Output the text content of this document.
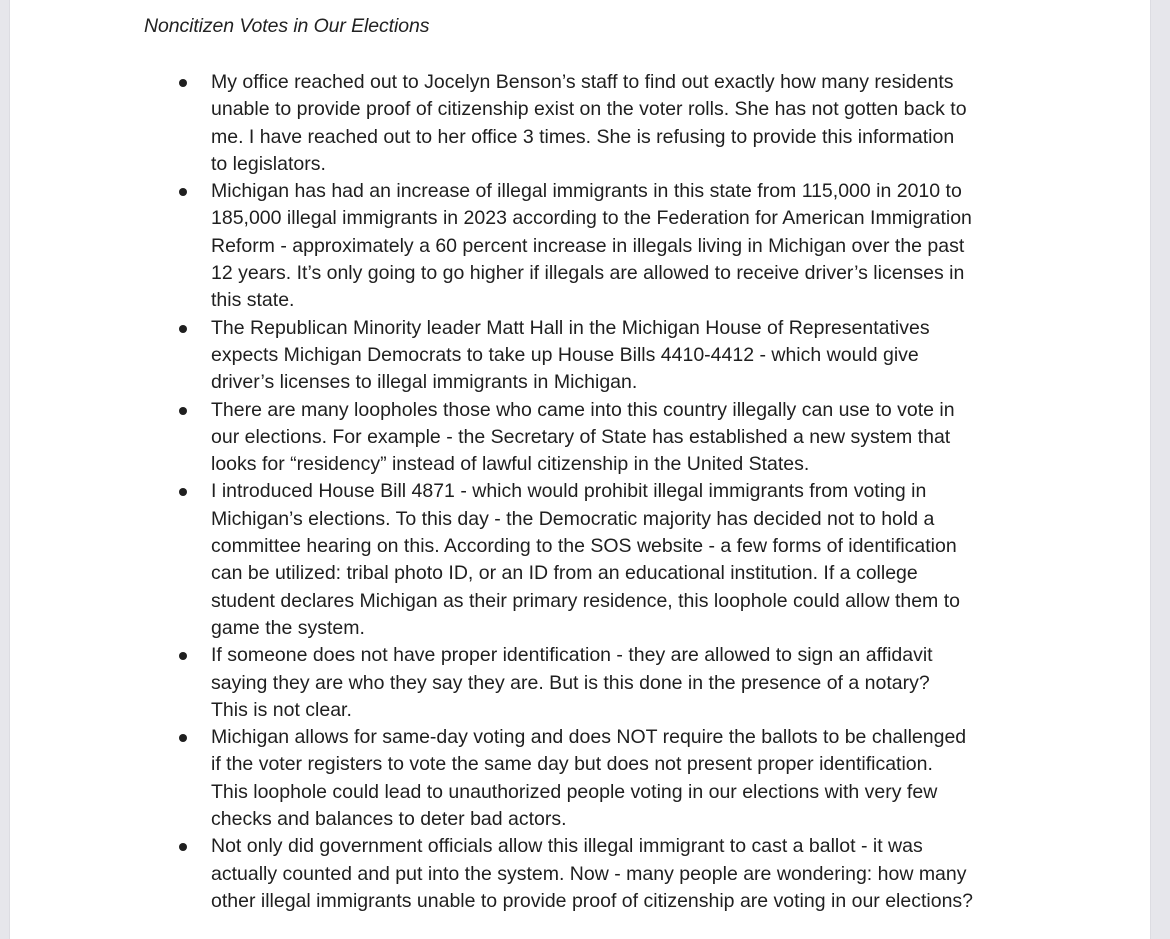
Noncitizen Votes in Our Elections
My office reached out to Jocelyn Benson’s staff to find out exactly how many residents
unable to provide proof of citizenship exist on the voter rolls. She has not gotten back to
me. I have reached out to her office 3 times. She is refusing to provide this information
to legislators.
Michigan has had an increase of illegal immigrants in this state from 115,000 in 2010 to
185,000 illegal immigrants in 2023 according to the Federation for American Immigration
Reform - approximately a 60 percent increase in illegals living in Michigan over the past
12 years. It’s only going to go higher if illegals are allowed to receive driver’s licenses in
this state.
The Republican Minority leader Matt Hall in the Michigan House of Representatives
expects Michigan Democrats to take up House Bills 4410-4412 - which would give
driver’s licenses to illegal immigrants in Michigan.
There are many loopholes those who came into this country illegally can use to vote in
our elections. For example - the Secretary of State has established a new system that
looks for “residency” instead of lawful citizenship in the United States.
I introduced House Bill 4871 - which would prohibit illegal immigrants from voting in
Michigan’s elections. To this day - the Democratic majority has decided not to hold a
committee hearing on this. According to the SOS website - a few forms of identification
can be utilized: tribal photo ID, or an ID from an educational institution. If a college
student declares Michigan as their primary residence, this loophole could allow them to
game the system.
If someone does not have proper identification - they are allowed to sign an affidavit
saying they are who they say they are. But is this done in the presence of a notary?
This is not clear.
Michigan allows for same-day voting and does NOT require the ballots to be challenged
if the voter registers to vote the same day but does not present proper identification.
This loophole could lead to unauthorized people voting in our elections with very few
checks and balances to deter bad actors.
Not only did government officials allow this illegal immigrant to cast a ballot - it was
actually counted and put into the system. Now - many people are wondering: how many
other illegal immigrants unable to provide proof of citizenship are voting in our elections?
